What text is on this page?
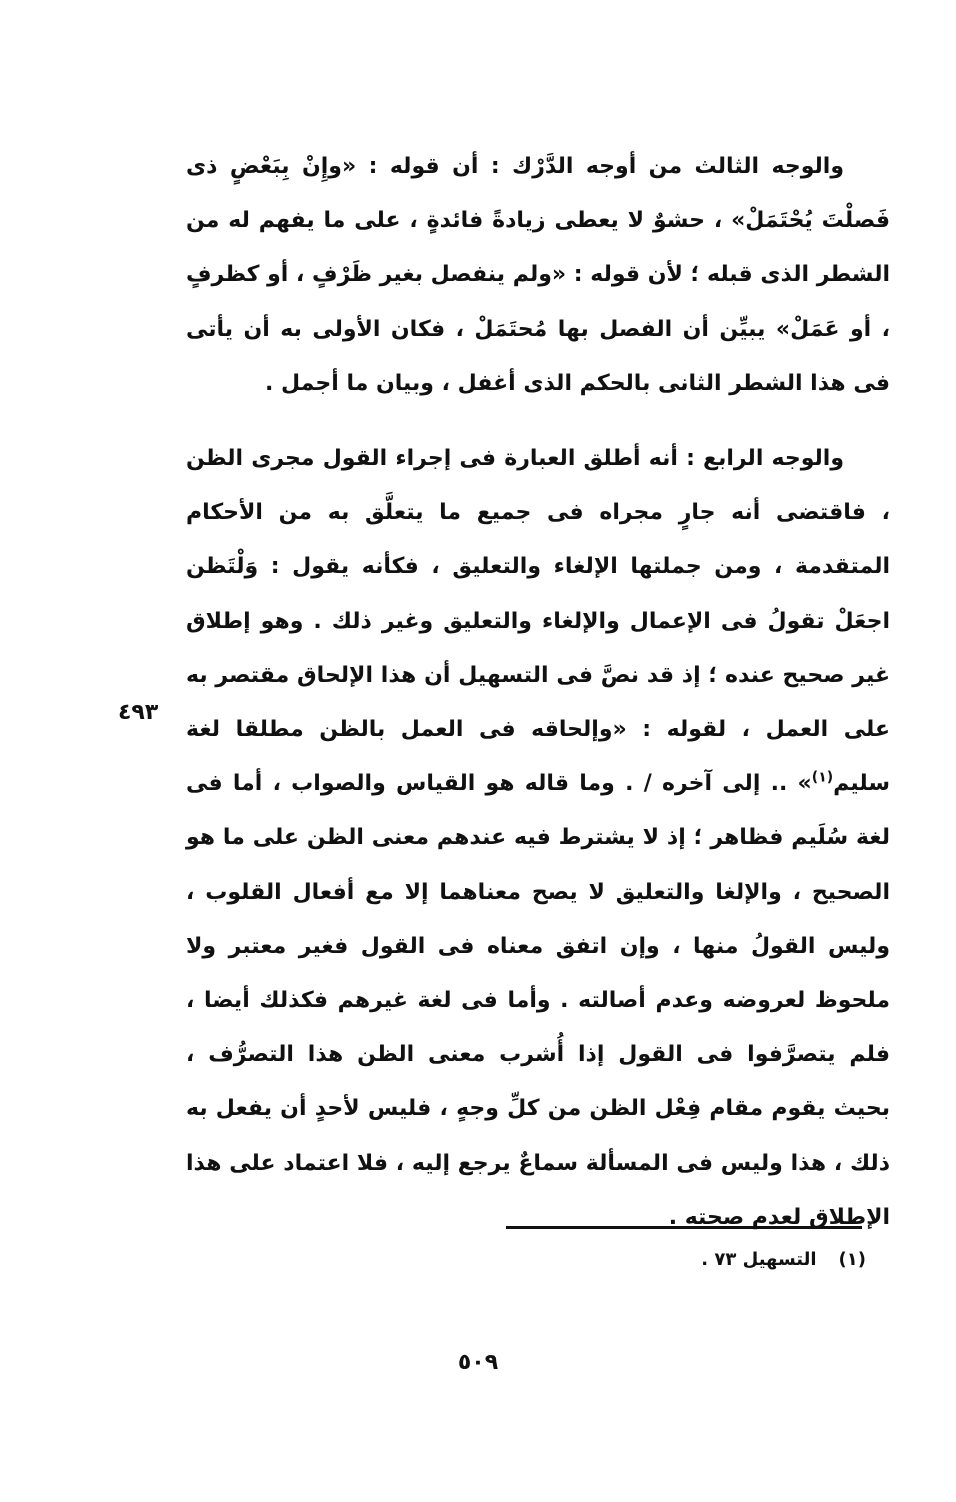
والوجه الثالث من أوجه الدَّرْك : أن قوله : «وإِنْ بِبَعْضٍ ذى فَصلْتَ يُحْتَمَلْ» ، حشوٌ لا يعطى زيادةً فائدةٍ ، على ما يفهم له من الشطر الذى قبله ؛ لأن قوله : «ولم ينفصل بغير ظَرْفٍ ، أو كظرفٍ ، أو عَمَلْ» يبيِّن أن الفصل بها مُحتَمَلْ ، فكان الأولى به أن يأتى فى هذا الشطر الثانى بالحكم الذى أغفل ، وبيان ما أجمل .

والوجه الرابع : أنه أطلق العبارة فى إجراء القول مجرى الظن ، فاقتضى أنه جارٍ مجراه فى جميع ما يتعلَّق به من الأحكام المتقدمة ، ومن جملتها الإلغاء والتعليق ، فكأنه يقول : وَلْتَظن اجعَلْ تقولُ فى الإعمال والإلغاء والتعليق وغير ذلك . وهو إطلاق غير صحيح عنده ؛ إذ قد نصَّ فى التسهيل أن هذا الإلحاق مقتصر به على العمل ، لقوله : «وإلحاقه فى العمل بالظن مطلقا لغة سليم$^{(١)}$» .. إلى آخره / . وما قاله هو القياس والصواب ، أما فى لغة سُلَيم فظاهر ؛ إذ لا يشترط فيه عندهم معنى الظن على ما هو الصحيح ، والإلغا والتعليق لا يصح معناهما إلا مع أفعال القلوب ، وليس القولُ منها ، وإن اتفق معناه فى القول فغير معتبر ولا ملحوظ لعروضه وعدم أصالته . وأما فى لغة غيرهم فكذلك أيضا ، فلم يتصرَّفوا فى القول إذا أُشرب معنى الظن هذا التصرُّف ، بحيث يقوم مقام فِعْل الظن من كلِّ وجهٍ ، فليس لأحدٍ أن يفعل به ذلك ، هذا وليس فى المسألة سماعٌ يرجع إليه ، فلا اعتماد على هذا الإطلاق لعدم صحته .

٤٩٣
(١)التسهيل ٧٣ .
٥٠٩
